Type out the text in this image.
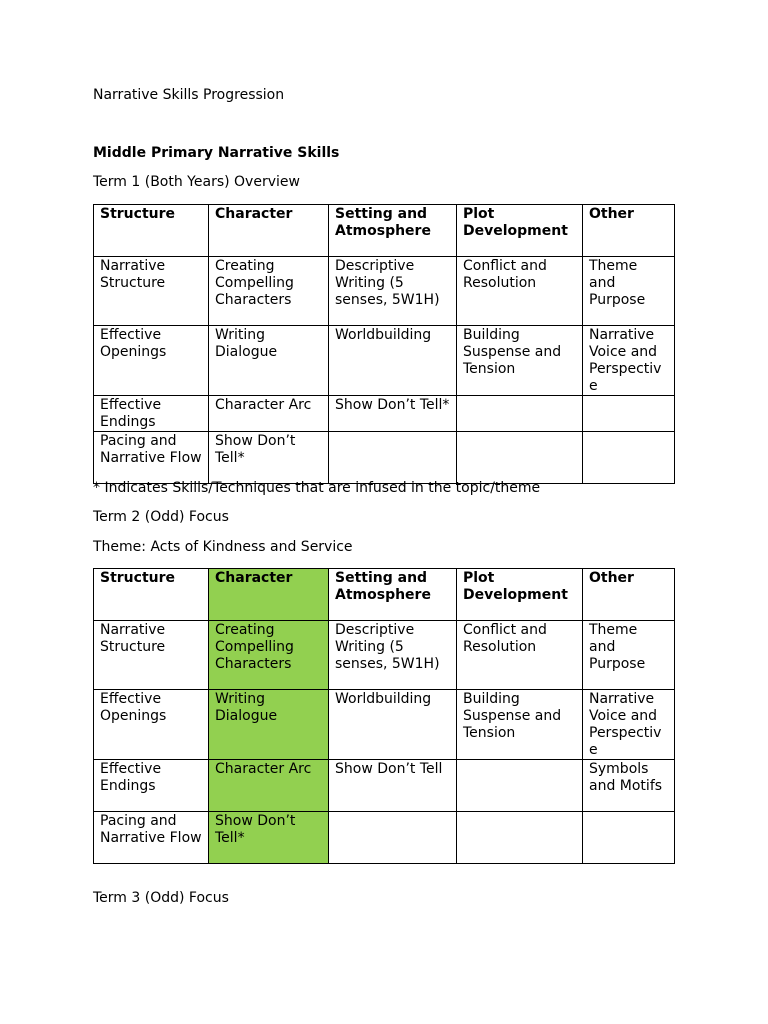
Narrative Skills Progression
Middle Primary Narrative Skills
Term 1 (Both Years) Overview
Structure	Character	Setting and Atmosphere	Plot Development	Other
Narrative Structure	Creating Compelling Characters	Descriptive Writing (5 senses, 5W1H)	Conflict and Resolution	Theme and Purpose
Effective Openings	Writing Dialogue	Worldbuilding	Building Suspense and Tension	Narrative Voice and Perspective
Effective Endings	Character Arc	Show Don’t Tell*		
Pacing and Narrative Flow	Show Don’t Tell*			
* Indicates Skills/Techniques that are infused in the topic/theme
Term 2 (Odd) Focus
Theme: Acts of Kindness and Service
Structure	Character	Setting and Atmosphere	Plot Development	Other
Narrative Structure	Creating Compelling Characters	Descriptive Writing (5 senses, 5W1H)	Conflict and Resolution	Theme and Purpose
Effective Openings	Writing Dialogue	Worldbuilding	Building Suspense and Tension	Narrative Voice and Perspective
Effective Endings	Character Arc	Show Don’t Tell		Symbols and Motifs
Pacing and Narrative Flow	Show Don’t Tell*			
Term 3 (Odd) Focus
